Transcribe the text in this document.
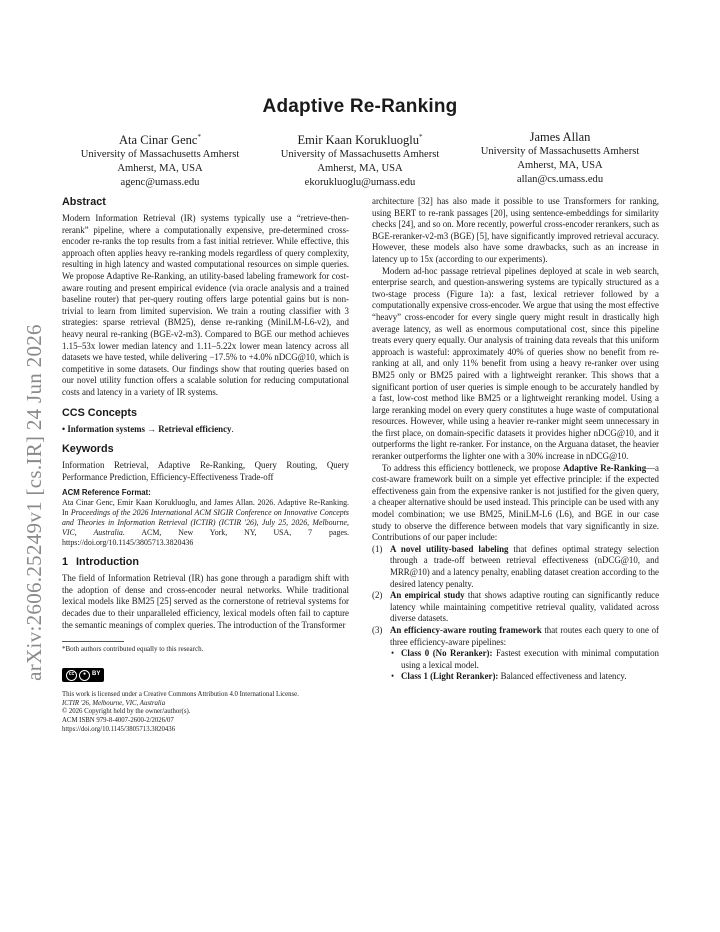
arXiv:2606.25249v1 [cs.IR] 24 Jun 2026
Adaptive Re-Ranking
Ata Cinar Genc*
University of Massachusetts Amherst
Amherst, MA, USA
agenc@umass.edu
Emir Kaan Korukluoglu*
University of Massachusetts Amherst
Amherst, MA, USA
ekorukluoglu@umass.edu
James Allan
University of Massachusetts Amherst
Amherst, MA, USA
allan@cs.umass.edu
Abstract

Modern Information Retrieval (IR) systems typically use a “retrieve-then-rerank” pipeline, where a computationally expensive, pre-determined cross-encoder re-ranks the top results from a fast initial retriever. While effective, this approach often applies heavy re-ranking models regardless of query complexity, resulting in high latency and wasted computational resources on simple queries. We propose Adaptive Re-Ranking, an utility-based labeling framework for cost-aware routing and present empirical evidence (via oracle analysis and a trained baseline router) that per-query routing offers large potential gains but is non-trivial to learn from limited supervision. We train a routing classifier with 3 strategies: sparse retrieval (BM25), dense re-ranking (MiniLM-L6-v2), and heavy neural re-ranking (BGE-v2-m3). Compared to BGE our method achieves 1.15–53x lower median latency and 1.11–5.22x lower mean latency across all datasets we have tested, while delivering −17.5% to +4.0% nDCG@10, which is competitive in some datasets. Our findings show that routing queries based on our novel utility function offers a scalable solution for reducing computational costs and latency in a variety of IR systems.

CCS Concepts

• Information systems → Retrieval efficiency.

Keywords

Information Retrieval, Adaptive Re-Ranking, Query Routing, Query Performance Prediction, Efficiency-Effectiveness Trade-off

ACM Reference Format:

Ata Cinar Genc, Emir Kaan Korukluoglu, and James Allan. 2026. Adaptive Re-Ranking. In Proceedings of the 2026 International ACM SIGIR Conference on Innovative Concepts and Theories in Information Retrieval (ICTIR) (ICTIR '26), July 25, 2026, Melbourne, VIC, Australia. ACM, New York, NY, USA, 7 pages. https://doi.org/10.1145/3805713.3820436

1 Introduction

The field of Information Retrieval (IR) has gone through a paradigm shift with the adoption of dense and cross-encoder neural networks. While traditional lexical models like BM25 [25] served as the cornerstone of retrieval systems for decades due to their unparalleled efficiency, lexical models often fail to capture the semantic meanings of complex queries. The introduction of the Transformer

*Both authors contributed equally to this research.
cc	● BY
This work is licensed under a Creative Commons Attribution 4.0 International License.
ICTIR '26, Melbourne, VIC, Australia
© 2026 Copyright held by the owner/author(s).
ACM ISBN 979-8-4007-2600-2/2026/07
https://doi.org/10.1145/3805713.3820436

architecture [32] has also made it possible to use Transformers for ranking, using BERT to re-rank passages [20], using sentence-embeddings for similarity checks [24], and so on. More recently, powerful cross-encoder rerankers, such as BGE-reranker-v2-m3 (BGE) [5], have significantly improved retrieval accuracy. However, these models also have some drawbacks, such as an increase in latency up to 15x (according to our experiments).

Modern ad-hoc passage retrieval pipelines deployed at scale in web search, enterprise search, and question-answering systems are typically structured as a two-stage process (Figure 1a): a fast, lexical retriever followed by a computationally expensive cross-encoder. We argue that using the most effective “heavy” cross-encoder for every single query might result in drastically high average latency, as well as enormous computational cost, since this pipeline treats every query equally. Our analysis of training data reveals that this uniform approach is wasteful: approximately 40% of queries show no benefit from re-ranking at all, and only 11% benefit from using a heavy re-ranker over using BM25 only or BM25 paired with a lightweight reranker. This shows that a significant portion of user queries is simple enough to be accurately handled by a fast, low-cost method like BM25 or a lightweight reranking model. Using a large reranking model on every query constitutes a huge waste of computational resources. However, while using a heavier re-ranker might seem unnecessary in the first place, on domain-specific datasets it provides higher nDCG@10, and it outperforms the light re-ranker. For instance, on the Arguana dataset, the heavier reranker outperforms the lighter one with a 30% increase in nDCG@10.

To address this efficiency bottleneck, we propose Adaptive Re-Ranking—a cost-aware framework built on a simple yet effective principle: if the expected effectiveness gain from the expensive ranker is not justified for the given query, a cheaper alternative should be used instead. This principle can be used with any model combination; we use BM25, MiniLM-L6 (L6), and BGE in our case study to observe the difference between models that vary significantly in size. Contributions of our paper include:

(1) A novel utility-based labeling that defines optimal strategy selection through a trade-off between retrieval effectiveness (nDCG@10, and MRR@10) and a latency penalty, enabling dataset creation according to the desired latency penalty.
(2) An empirical study that shows adaptive routing can significantly reduce latency while maintaining competitive retrieval quality, validated across diverse datasets.
(3) An efficiency-aware routing framework that routes each query to one of three efficiency-aware pipelines:
• Class 0 (No Reranker): Fastest execution with minimal computation using a lexical model.
• Class 1 (Light Reranker): Balanced effectiveness and latency.
